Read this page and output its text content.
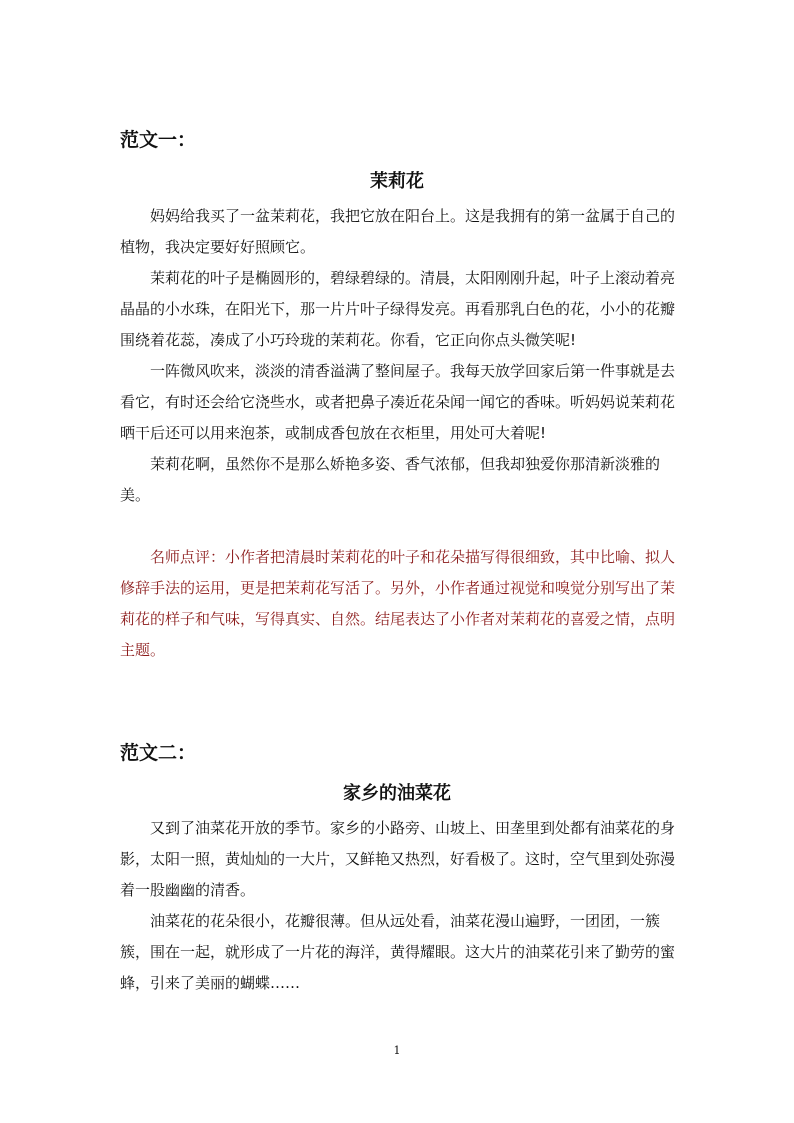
范文一：
茉莉花
妈妈给我买了一盆茉莉花，我把它放在阳台上。这是我拥有的第一盆属于自己的植物，我决定要好好照顾它。
茉莉花的叶子是椭圆形的，碧绿碧绿的。清晨，太阳刚刚升起，叶子上滚动着亮晶晶的小水珠，在阳光下，那一片片叶子绿得发亮。再看那乳白色的花，小小的花瓣围绕着花蕊，凑成了小巧玲珑的茉莉花。你看，它正向你点头微笑呢!
一阵微风吹来，淡淡的清香溢满了整间屋子。我每天放学回家后第一件事就是去看它，有时还会给它浇些水，或者把鼻子凑近花朵闻一闻它的香味。听妈妈说茉莉花晒干后还可以用来泡茶，或制成香包放在衣柜里，用处可大着呢!
茉莉花啊，虽然你不是那么娇艳多姿、香气浓郁，但我却独爱你那清新淡雅的美。
名师点评：小作者把清晨时茉莉花的叶子和花朵描写得很细致，其中比喻、拟人修辞手法的运用，更是把茉莉花写活了。另外，小作者通过视觉和嗅觉分别写出了茉莉花的样子和气味，写得真实、自然。结尾表达了小作者对茉莉花的喜爱之情，点明主题。
范文二：
家乡的油菜花
又到了油菜花开放的季节。家乡的小路旁、山坡上、田垄里到处都有油菜花的身影，太阳一照，黄灿灿的一大片，又鲜艳又热烈，好看极了。这时，空气里到处弥漫着一股幽幽的清香。
油菜花的花朵很小，花瓣很薄。但从远处看，油菜花漫山遍野，一团团，一簇簇，围在一起，就形成了一片花的海洋，黄得耀眼。这大片的油菜花引来了勤劳的蜜蜂，引来了美丽的蝴蝶……
1
